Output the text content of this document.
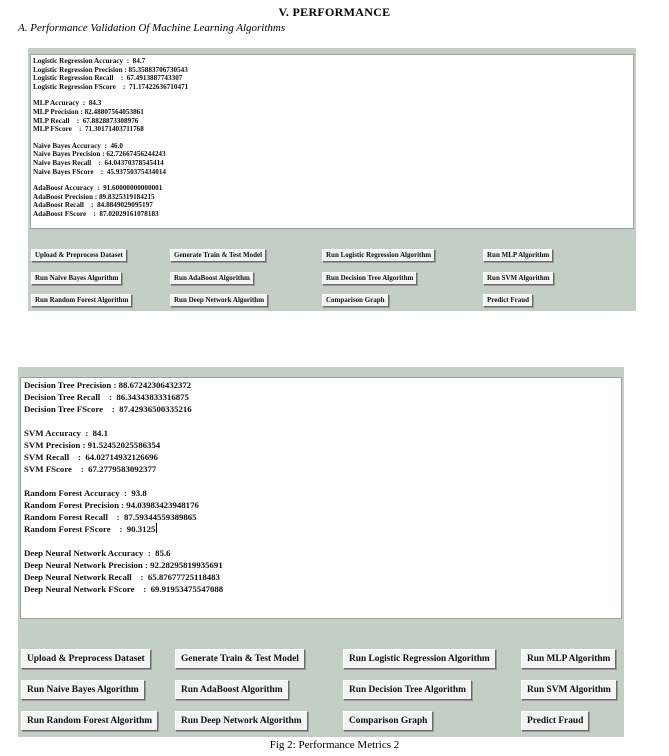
V. PERFORMANCE
A. Performance Validation Of Machine Learning Algorithms
Logistic Regression Accuracy  :  84.7
Logistic Regression Precision : 85.35883706730543
Logistic Regression Recall    :  67.4913887743307
Logistic Regression FScore    :  71.17422636710471
MLP Accuracy  :  84.3
MLP Precision : 82.48807564053861
MLP Recall    :  67.8828873308976
MLP FScore    :  71.30171403711768
Naive Bayes Accuracy  :  46.0
Naive Bayes Precision : 62.72667456244243
Naive Bayes Recall    :  64.04370378545414
Naive Bayes FScore    :  45.93750375434014
AdaBoost Accuracy  :  91.60000000000001
AdaBoost Precision : 89.8325319184215
AdaBoost Recall    :  84.8849029095197
AdaBoost FScore    :  87.02029161078183
Upload & Preprocess Dataset	Generate Train & Test Model	Run Logistic Regression Algorithm	Run MLP Algorithm
Run Naive Bayes Algorithm	Run AdaBoost Algorithm	Run Decision Tree Algorithm	Run SVM Algorithm
Run Random Forest Algorithm	Run Deep Network Algorithm	Comparison Graph	Predict Fraud
Decision Tree Precision : 88.67242306432372
Decision Tree Recall    :  86.34343833316875
Decision Tree FScore    :  87.42936500335216
SVM Accuracy  :  84.1
SVM Precision : 91.52452025586354
SVM Recall    :  64.02714932126696
SVM FScore    :  67.2779583092377
Random Forest Accuracy  :  93.8
Random Forest Precision : 94.03983423948176
Random Forest Recall    :  87.59344559389865
Random Forest FScore    :  90.3125
Deep Neural Network Accuracy  :  85.6
Deep Neural Network Precision : 92.28295819935691
Deep Neural Network Recall    :  65.87677725118483
Deep Neural Network FScore    :  69.91953475547088
Upload & Preprocess Dataset	Generate Train & Test Model	Run Logistic Regression Algorithm	Run MLP Algorithm
Run Naive Bayes Algorithm	Run AdaBoost Algorithm	Run Decision Tree Algorithm	Run SVM Algorithm
Run Random Forest Algorithm	Run Deep Network Algorithm	Comparison Graph	Predict Fraud
Fig 2: Performance Metrics 2
